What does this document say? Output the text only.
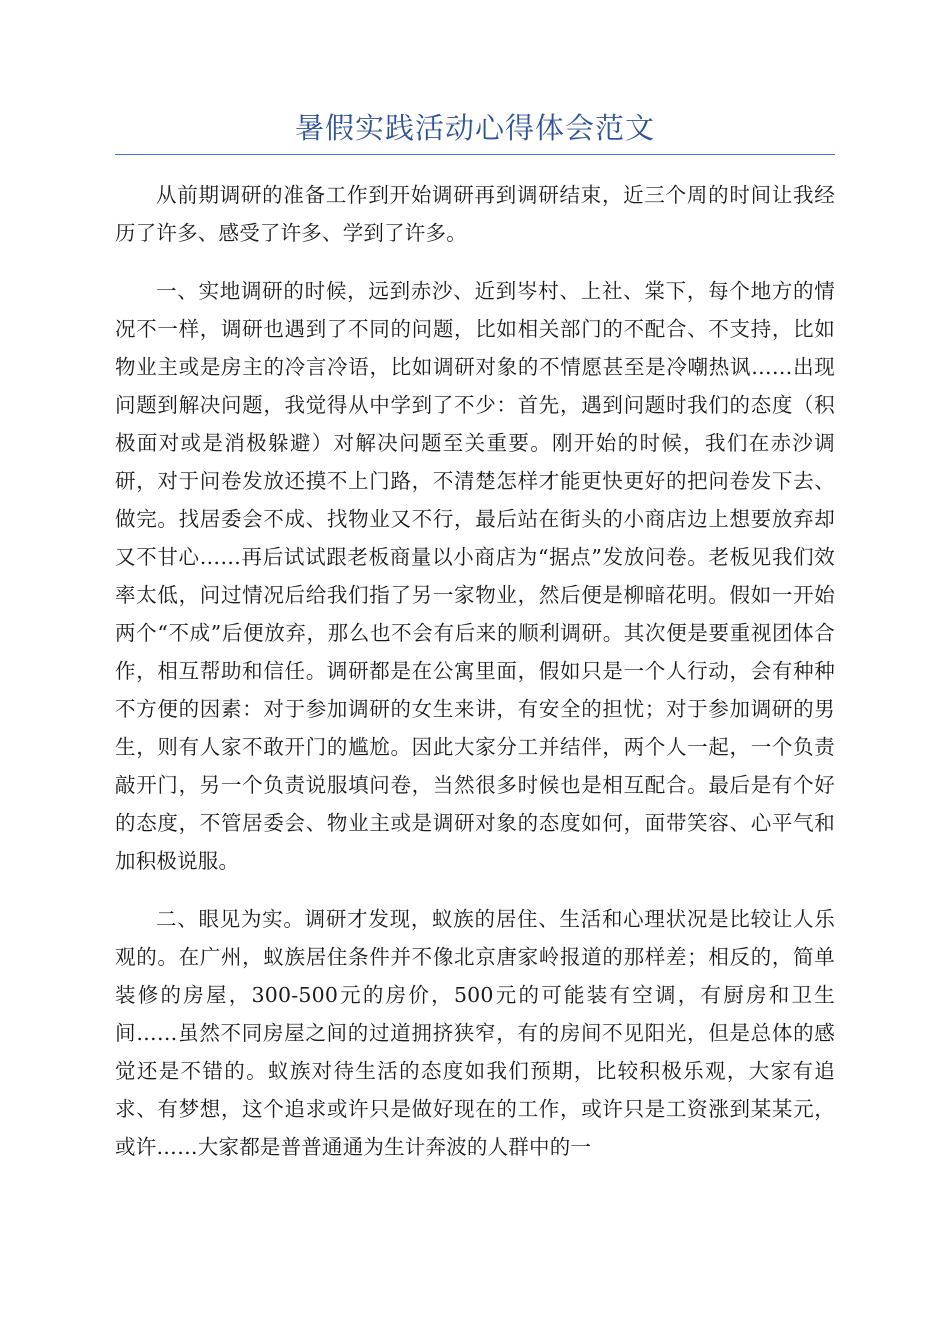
暑假实践活动心得体会范文

从前期调研的准备工作到开始调研再到调研结束，近三个周的时间让我经历了许多、感受了许多、学到了许多。

一、实地调研的时候，远到赤沙、近到岑村、上社、棠下，每个地方的情况不一样，调研也遇到了不同的问题，比如相关部门的不配合、不支持，比如物业主或是房主的冷言冷语，比如调研对象的不情愿甚至是冷嘲热讽……出现问题到解决问题，我觉得从中学到了不少：首先，遇到问题时我们的态度（积极面对或是消极躲避）对解决问题至关重要。刚开始的时候，我们在赤沙调研，对于问卷发放还摸不上门路，不清楚怎样才能更快更好的把问卷发下去、做完。找居委会不成、找物业又不行，最后站在街头的小商店边上想要放弃却又不甘心……再后试试跟老板商量以小商店为“据点”发放问卷。老板见我们效率太低，问过情况后给我们指了另一家物业，然后便是柳暗花明。假如一开始两个“不成”后便放弃，那么也不会有后来的顺利调研。其次便是要重视团体合作，相互帮助和信任。调研都是在公寓里面，假如只是一个人行动，会有种种不方便的因素：对于参加调研的女生来讲，有安全的担忧；对于参加调研的男生，则有人家不敢开门的尴尬。因此大家分工并结伴，两个人一起，一个负责敲开门，另一个负责说服填问卷，当然很多时候也是相互配合。最后是有个好的态度，不管居委会、物业主或是调研对象的态度如何，面带笑容、心平气和加积极说服。

二、眼见为实。调研才发现，蚁族的居住、生活和心理状况是比较让人乐观的。在广州，蚁族居住条件并不像北京唐家岭报道的那样差；相反的，简单装修的房屋，300-500元的房价，500元的可能装有空调，有厨房和卫生间……虽然不同房屋之间的过道拥挤狭窄，有的房间不见阳光，但是总体的感觉还是不错的。蚁族对待生活的态度如我们预期，比较积极乐观，大家有追求、有梦想，这个追求或许只是做好现在的工作，或许只是工资涨到某某元，或许……大家都是普普通通为生计奔波的人群中的一
